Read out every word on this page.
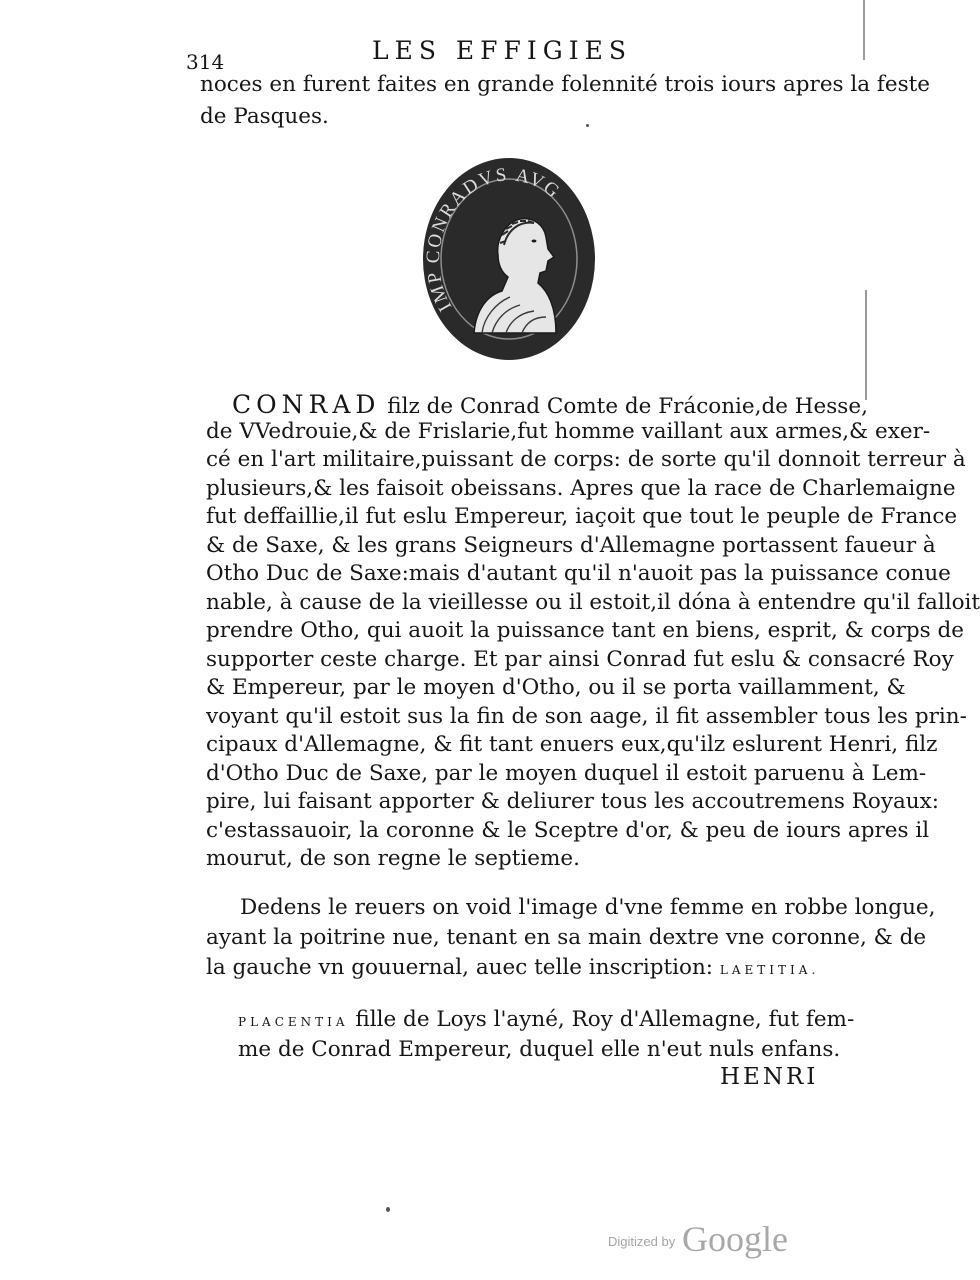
314	LES EFFIGIES
noces en furent faites en grande folennité trois iours apres la feste
de Pasques.
IMP CONRADVS AVG
CONRAD filz de Conrad Comte de Fráconie,de Hesse,
de VVedrouie,& de Frislarie,fut homme vaillant aux armes,& exer-
cé en l'art militaire,puissant de corps: de sorte qu'il donnoit terreur à
plusieurs,& les faisoit obeissans. Apres que la race de Charlemaigne
fut deffaillie,il fut eslu Empereur, iaçoit que tout le peuple de France
& de Saxe, & les grans Seigneurs d'Allemagne portassent faueur à
Otho Duc de Saxe:mais d'autant qu'il n'auoit pas la puissance conue
nable, à cause de la vieillesse ou il estoit,il dóna à entendre qu'il falloit
prendre Otho, qui auoit la puissance tant en biens, esprit, & corps de
supporter ceste charge. Et par ainsi Conrad fut eslu & consacré Roy
& Empereur, par le moyen d'Otho, ou il se porta vaillamment, &
voyant qu'il estoit sus la fin de son aage, il fit assembler tous les prin-
cipaux d'Allemagne, & fit tant enuers eux,qu'ilz eslurent Henri, filz
d'Otho Duc de Saxe, par le moyen duquel il estoit paruenu à Lem-
pire, lui faisant apporter & deliurer tous les accoutremens Royaux:
c'estassauoir, la coronne & le Sceptre d'or, & peu de iours apres il
mourut, de son regne le septieme.
Dedens le reuers on void l'image d'vne femme en robbe longue,
ayant la poitrine nue, tenant en sa main dextre vne coronne, & de
la gauche vn gouuernal, auec telle inscription: LAETITIA.
PLACENTIA fille de Loys l'ayné, Roy d'Allemagne, fut fem-
me de Conrad Empereur, duquel elle n'eut nuls enfans.
HENRI
Digitized by Google
